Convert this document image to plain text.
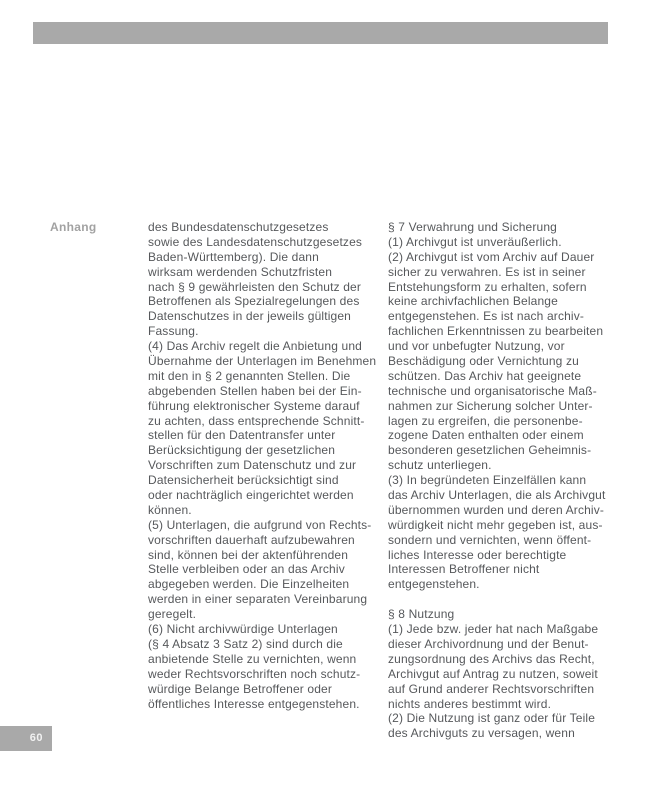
Anhang	des Bundesdatenschutzgesetzes
sowie des Landesdatenschutzgesetzes
Baden-Württemberg). Die dann
wirksam werdenden Schutzfristen
nach § 9 gewährleisten den Schutz der
Betroffenen als Spezialregelungen des
Datenschutzes in der jeweils gültigen
Fassung.
(4) Das Archiv regelt die Anbietung und
Übernahme der Unterlagen im Benehmen
mit den in § 2 genannten Stellen. Die
abgebenden Stellen haben bei der Ein-
führung elektronischer Systeme darauf
zu achten, dass entsprechende Schnitt-
stellen für den Datentransfer unter
Berücksichtigung der gesetzlichen
Vorschriften zum Datenschutz und zur
Datensicherheit berücksichtigt sind
oder nachträglich eingerichtet werden
können.
(5) Unterlagen, die aufgrund von Rechts-
vorschriften dauerhaft aufzubewahren
sind, können bei der aktenführenden
Stelle verbleiben oder an das Archiv
abgegeben werden. Die Einzelheiten
werden in einer separaten Vereinbarung
geregelt.
(6) Nicht archivwürdige Unterlagen
(§ 4 Absatz 3 Satz 2) sind durch die
anbietende Stelle zu vernichten, wenn
weder Rechtsvorschriften noch schutz-
würdige Belange Betroffener oder
öffentliches Interesse entgegenstehen.
§ 7 Verwahrung und Sicherung
(1) Archivgut ist unveräußerlich.
(2) Archivgut ist vom Archiv auf Dauer
sicher zu verwahren. Es ist in seiner
Entstehungsform zu erhalten, sofern
keine archivfachlichen Belange
entgegenstehen. Es ist nach archiv-
fachlichen Erkenntnissen zu bearbeiten
und vor unbefugter Nutzung, vor
Beschädigung oder Vernichtung zu
schützen. Das Archiv hat geeignete
technische und organisatorische Maß-
nahmen zur Sicherung solcher Unter-
lagen zu ergreifen, die personenbe-
zogene Daten enthalten oder einem
besonderen gesetzlichen Geheimnis-
schutz unterliegen.
(3) In begründeten Einzelfällen kann
das Archiv Unterlagen, die als Archivgut
übernommen wurden und deren Archiv-
würdigkeit nicht mehr gegeben ist, aus-
sondern und vernichten, wenn öffent-
liches Interesse oder berechtigte
Interessen Betroffener nicht
entgegenstehen.

§ 8 Nutzung
(1) Jede bzw. jeder hat nach Maßgabe
dieser Archivordnung und der Benut-
zungsordnung des Archivs das Recht,
Archivgut auf Antrag zu nutzen, soweit
auf Grund anderer Rechtsvorschriften
nichts anderes bestimmt wird.
(2) Die Nutzung ist ganz oder für Teile
des Archivguts zu versagen, wenn
60
